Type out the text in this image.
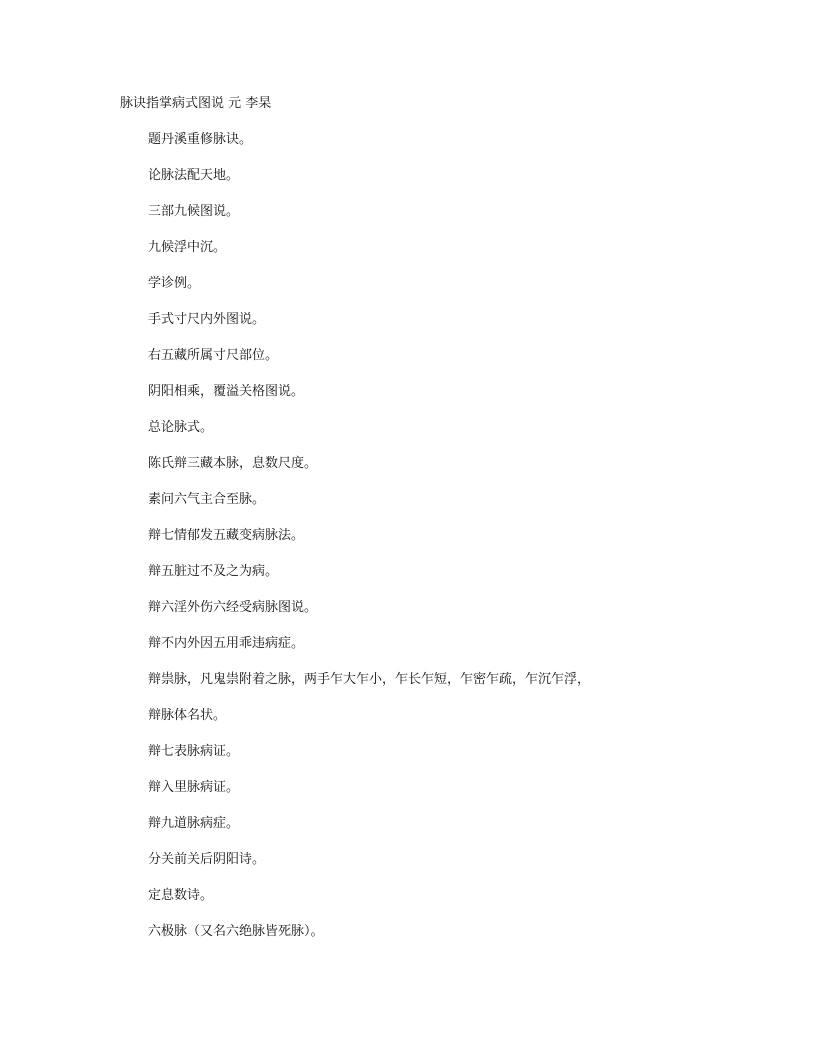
脉诀指掌病式图说 元 李杲
题丹溪重修脉诀。
论脉法配天地。
三部九候图说。
九候浮中沉。
学诊例。
手式寸尺内外图说。
右五藏所属寸尺部位。
阴阳相乘，覆溢关格图说。
总论脉式。
陈氏辩三藏本脉，息数尺度。
素问六气主合至脉。
辩七情郁发五藏变病脉法。
辩五脏过不及之为病。
辩六淫外伤六经受病脉图说。
辩不内外因五用乖违病症。
辩祟脉，凡鬼祟附着之脉，两手乍大乍小，乍长乍短，乍密乍疏，乍沉乍浮，
辩脉体名状。
辩七表脉病证。
辩入里脉病证。
辩九道脉病症。
分关前关后阴阳诗。
定息数诗。
六极脉（又名六绝脉皆死脉）。
